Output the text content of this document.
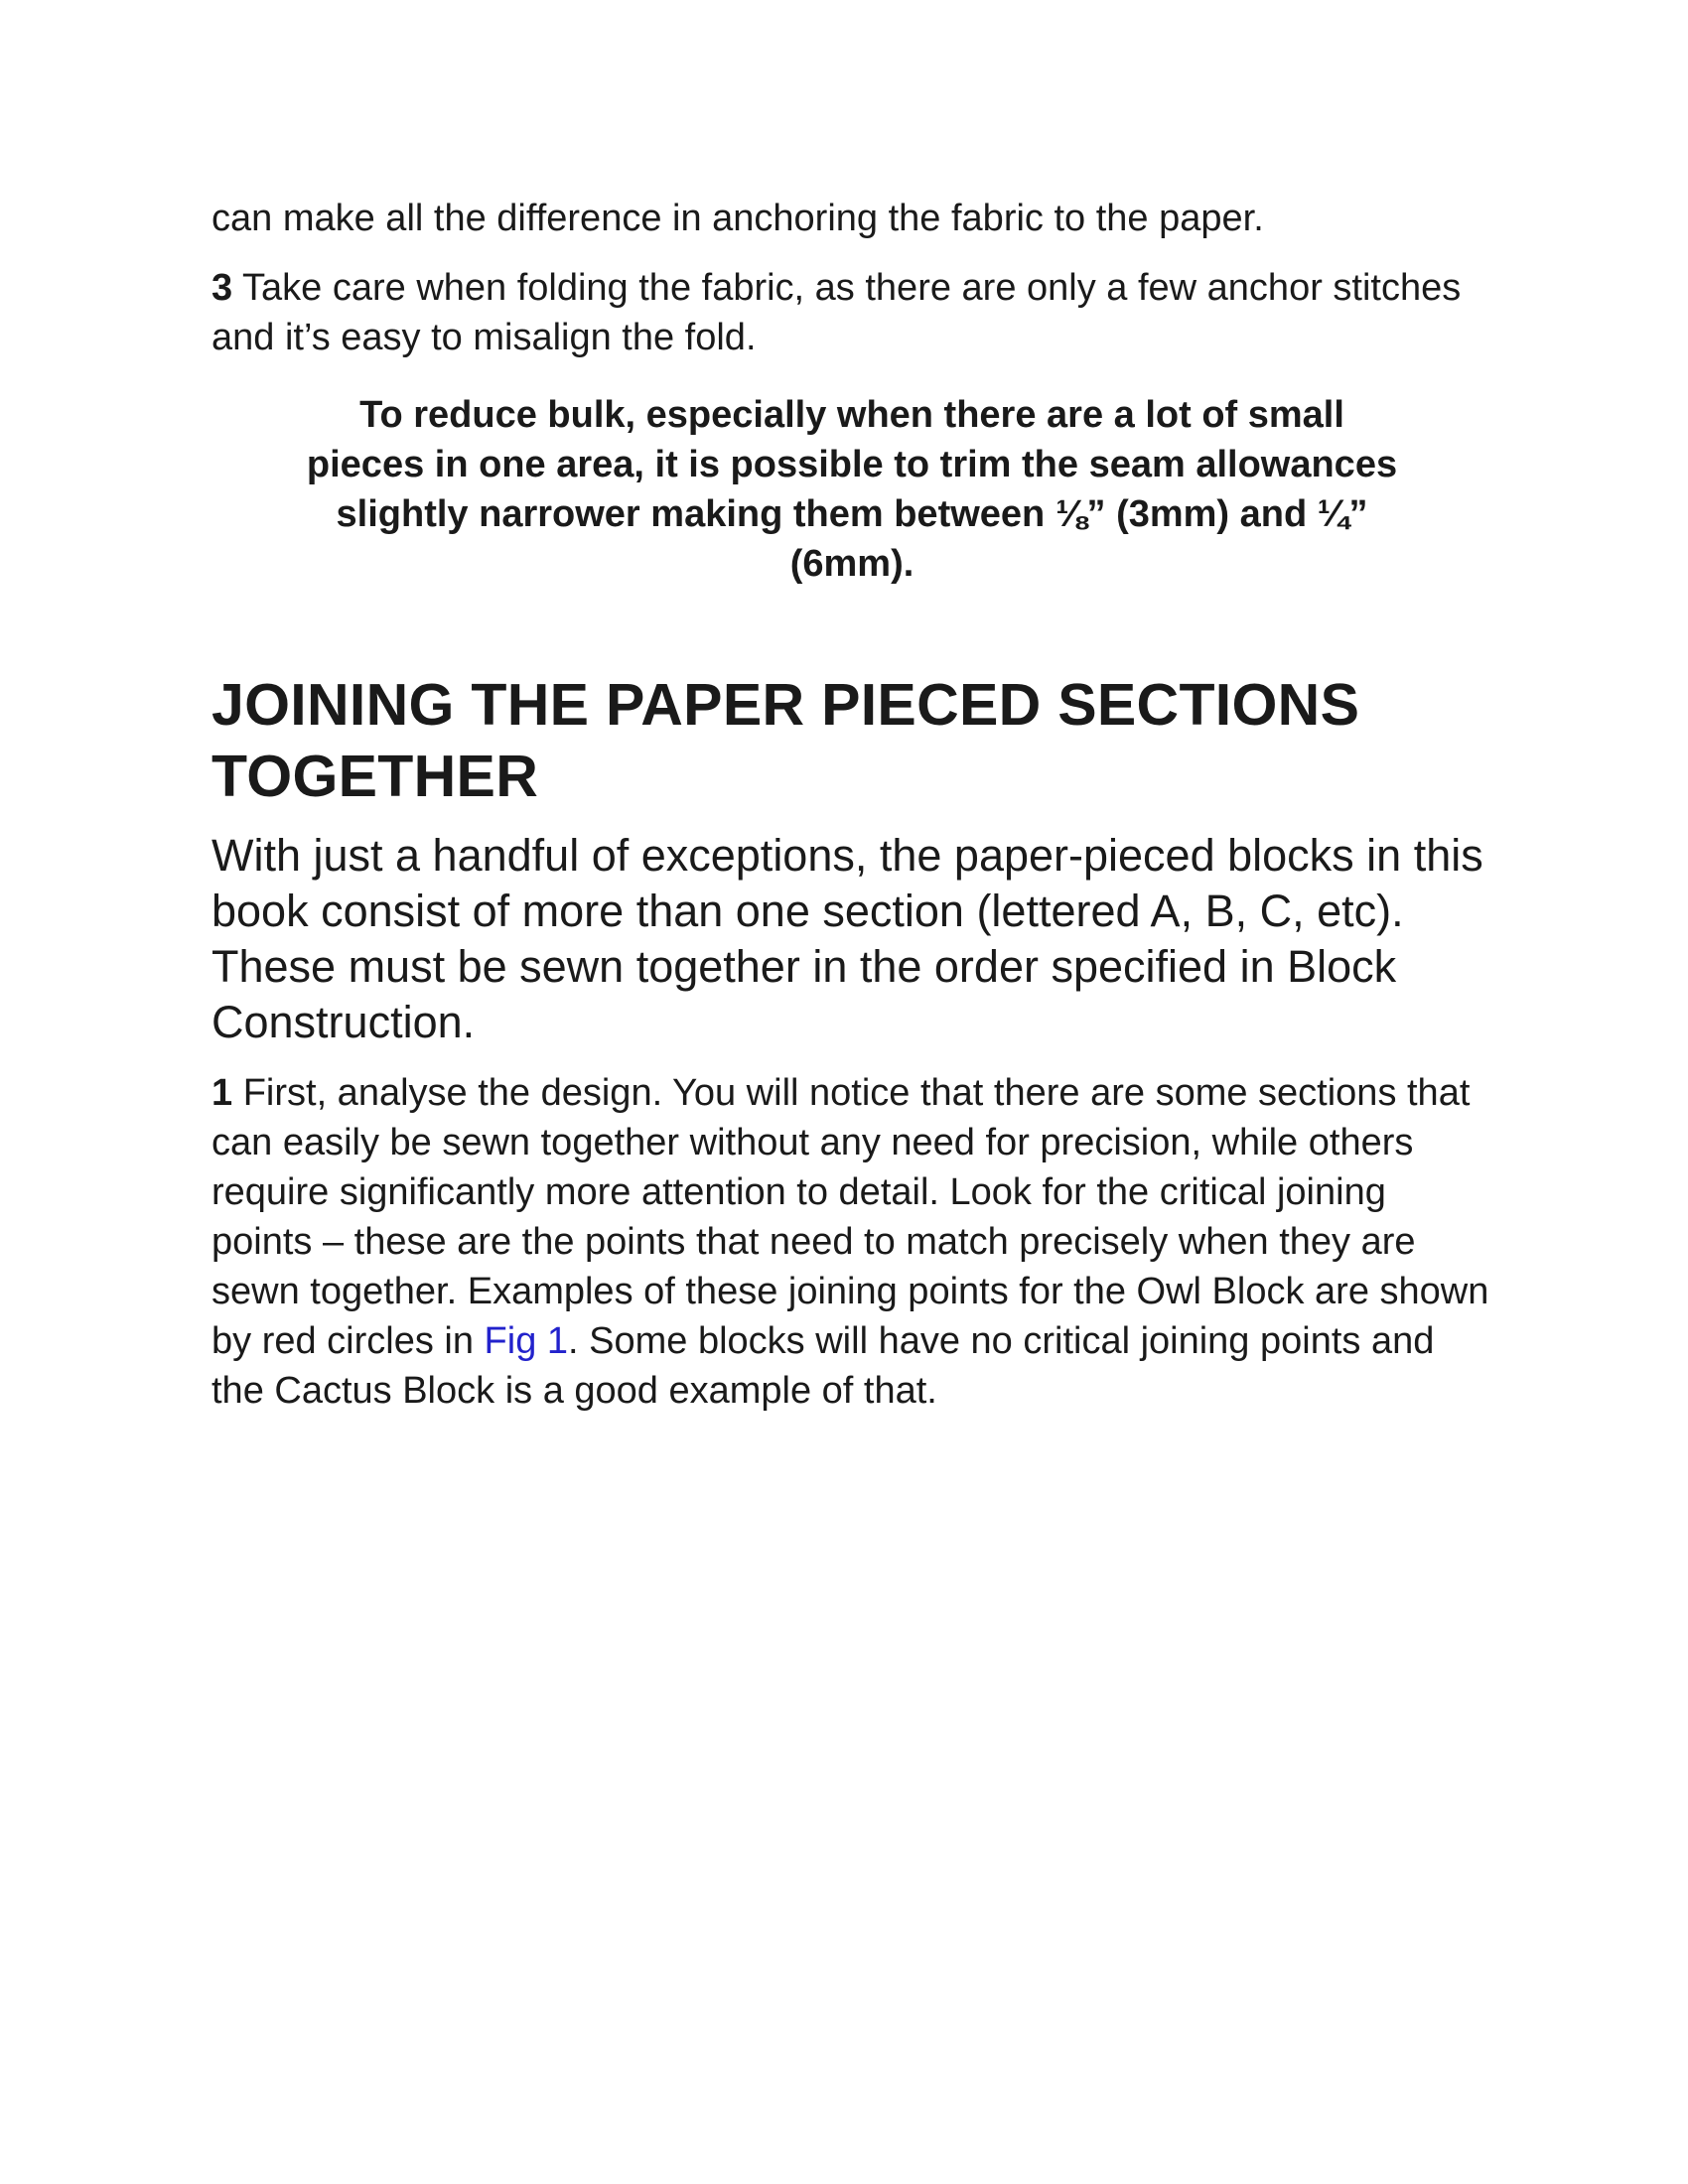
can make all the difference in anchoring the fabric to the paper.

3 Take care when folding the fabric, as there are only a few anchor stitches and it’s easy to misalign the fold.

To reduce bulk, especially when there are a lot of small pieces in one area, it is possible to trim the seam allowances slightly narrower making them between ⅛” (3mm) and ¼” (6mm).

JOINING THE PAPER PIECED SECTIONS TOGETHER

With just a handful of exceptions, the paper-pieced blocks in this book consist of more than one section (lettered A, B, C, etc). These must be sewn together in the order specified in Block Construction.

1 First, analyse the design. You will notice that there are some sections that can easily be sewn together without any need for precision, while others require significantly more attention to detail. Look for the critical joining points – these are the points that need to match precisely when they are sewn together. Examples of these joining points for the Owl Block are shown by red circles in Fig 1. Some blocks will have no critical joining points and the Cactus Block is a good example of that.
